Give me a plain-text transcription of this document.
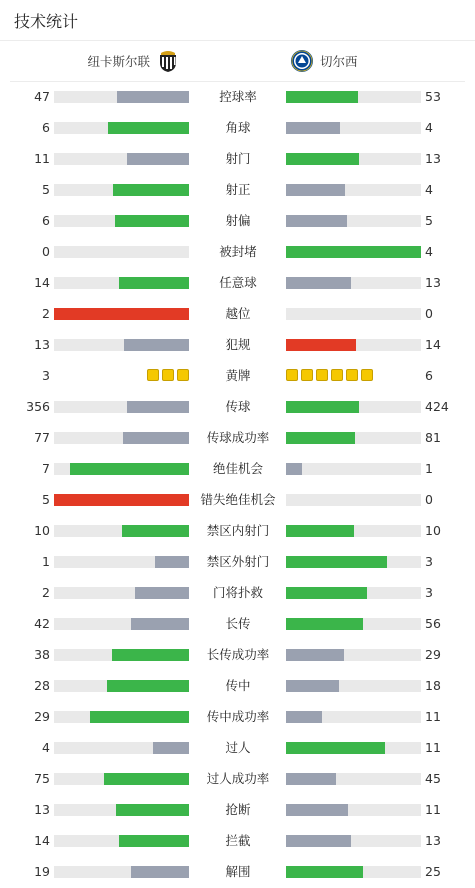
技术统计
纽卡斯尔联	切尔西
47	控球率	53
6	角球	4
11	射门	13
5	射正	4
6	射偏	5
0	被封堵	4
14	任意球	13
2	越位	0
13	犯规	14
3	黄牌	6
356	传球	424
77	传球成功率	81
7	绝佳机会	1
5	错失绝佳机会	0
10	禁区内射门	10
1	禁区外射门	3
2	门将扑救	3
42	长传	56
38	长传成功率	29
28	传中	18
29	传中成功率	11
4	过人	11
75	过人成功率	45
13	抢断	11
14	拦截	13
19	解围	25
